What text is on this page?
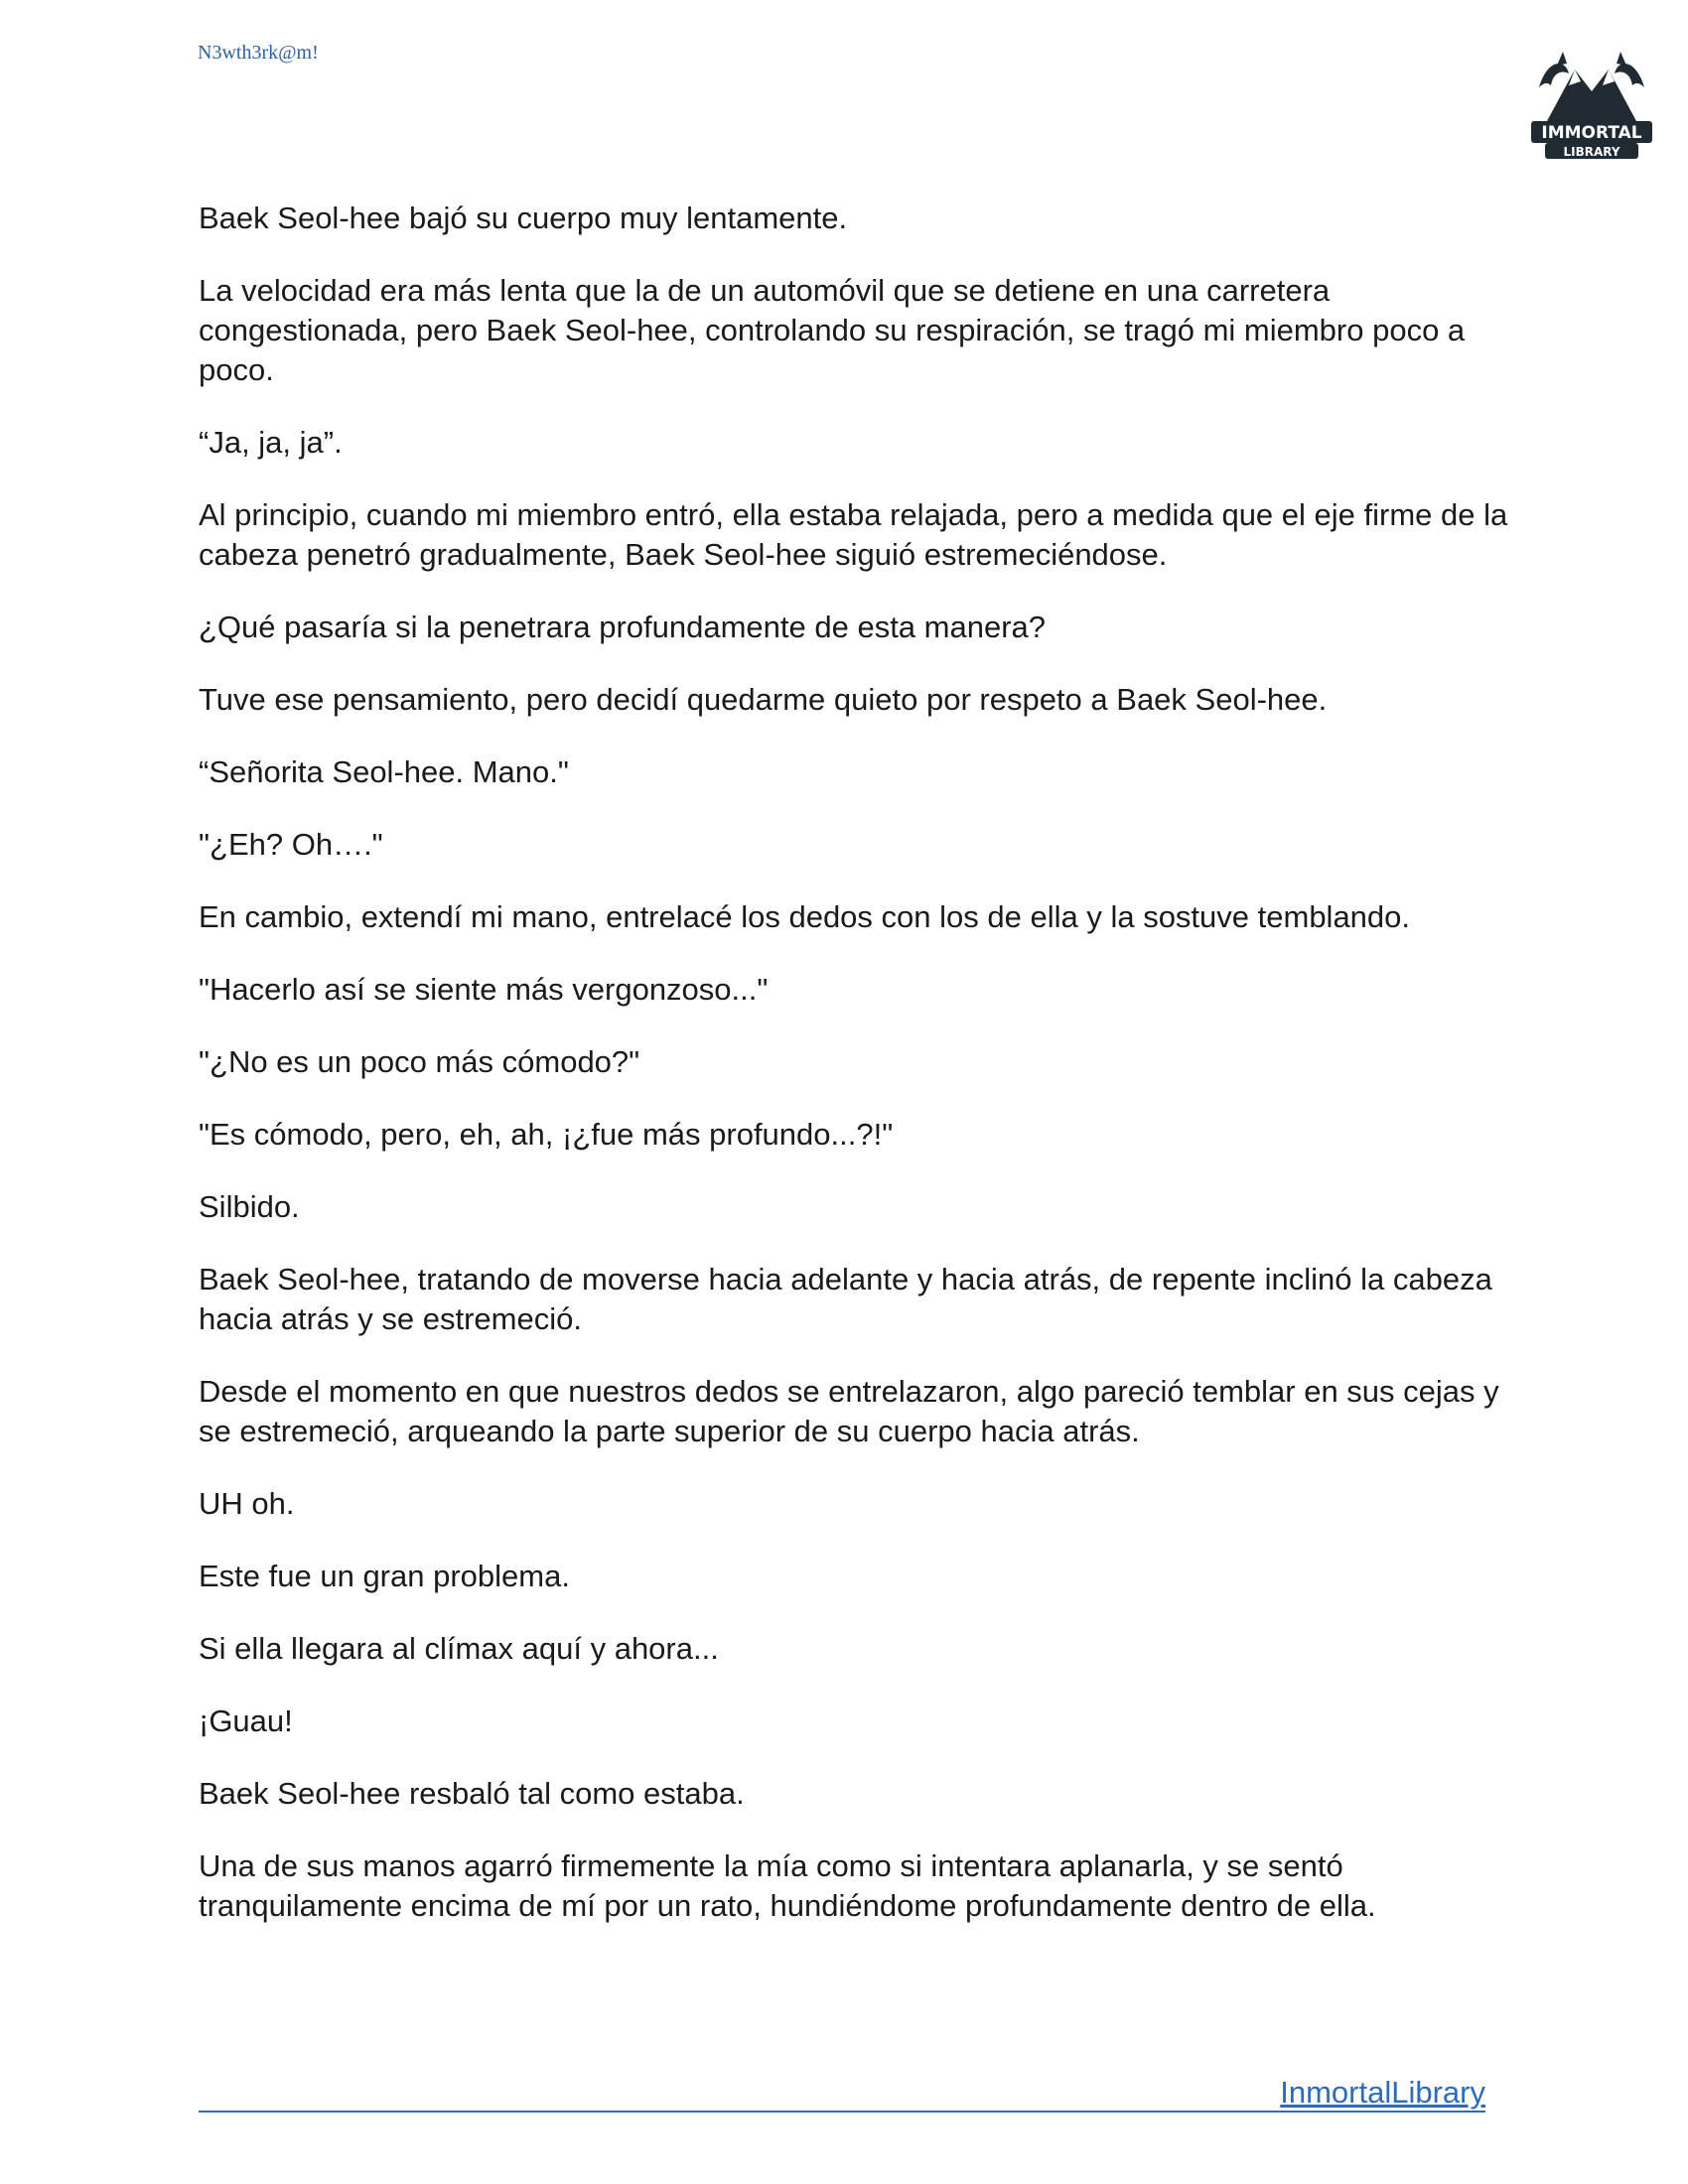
N3wth3rk@m!
IMMORTAL
LIBRARY

Baek Seol-hee bajó su cuerpo muy lentamente.

La velocidad era más lenta que la de un automóvil que se detiene en una carretera congestionada, pero Baek Seol-hee, controlando su respiración, se tragó mi miembro poco a poco.

“Ja, ja, ja”.

Al principio, cuando mi miembro entró, ella estaba relajada, pero a medida que el eje firme de la cabeza penetró gradualmente, Baek Seol-hee siguió estremeciéndose.

¿Qué pasaría si la penetrara profundamente de esta manera?

Tuve ese pensamiento, pero decidí quedarme quieto por respeto a Baek Seol-hee.

“Señorita Seol-hee. Mano."

"¿Eh? Oh…."

En cambio, extendí mi mano, entrelacé los dedos con los de ella y la sostuve temblando.

"Hacerlo así se siente más vergonzoso..."

"¿No es un poco más cómodo?"

"Es cómodo, pero, eh, ah, ¡¿fue más profundo...?!"

Silbido.

Baek Seol-hee, tratando de moverse hacia adelante y hacia atrás, de repente inclinó la cabeza hacia atrás y se estremeció.

Desde el momento en que nuestros dedos se entrelazaron, algo pareció temblar en sus cejas y se estremeció, arqueando la parte superior de su cuerpo hacia atrás.

UH oh.

Este fue un gran problema.

Si ella llegara al clímax aquí y ahora...

¡Guau!

Baek Seol-hee resbaló tal como estaba.

Una de sus manos agarró firmemente la mía como si intentara aplanarla, y se sentó tranquilamente encima de mí por un rato, hundiéndome profundamente dentro de ella.

InmortalLibrary
